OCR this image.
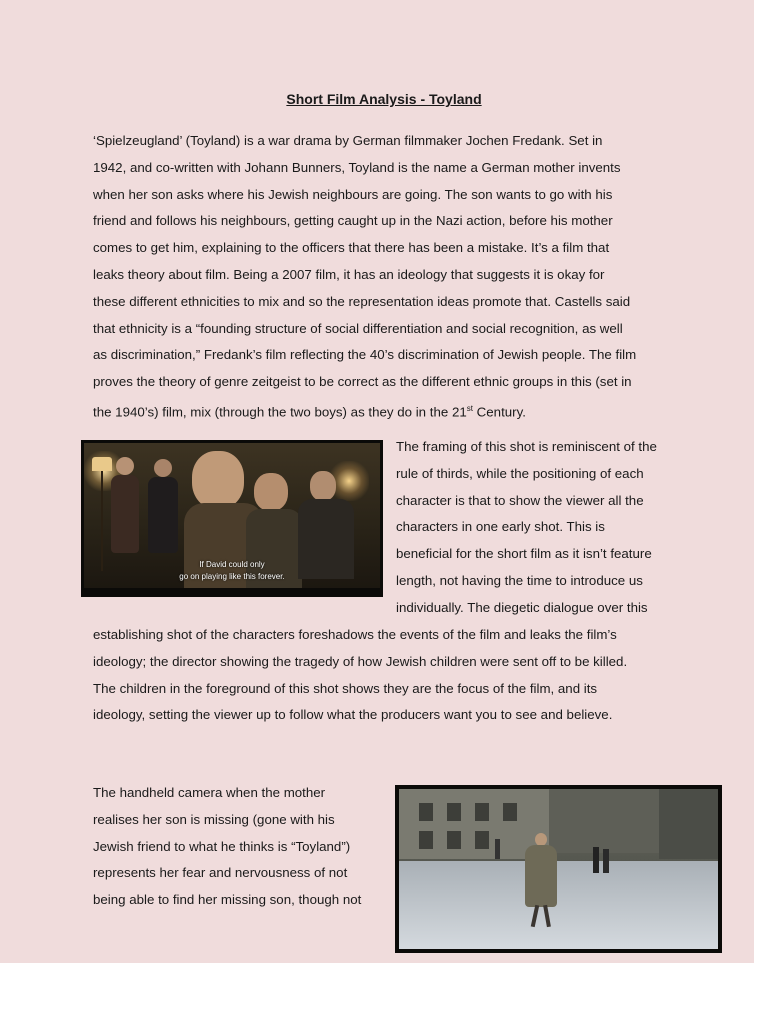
Short Film Analysis - Toyland
‘Spielzeugland’ (Toyland) is a war drama by German filmmaker Jochen Fredank. Set in
1942, and co-written with Johann Bunners, Toyland is the name a German mother invents
when her son asks where his Jewish neighbours are going. The son wants to go with his
friend and follows his neighbours, getting caught up in the Nazi action, before his mother
comes to get him, explaining to the officers that there has been a mistake. It’s a film that
leaks theory about film. Being a 2007 film, it has an ideology that suggests it is okay for
these different ethnicities to mix and so the representation ideas promote that. Castells said
that ethnicity is a “founding structure of social differentiation and social recognition, as well
as discrimination,” Fredank’s film reflecting the 40’s discrimination of Jewish people. The film
proves the theory of genre zeitgeist to be correct as the different ethnic groups in this (set in
the 1940’s) film, mix (through the two boys) as they do in the 21st Century.
If David could only
go on playing like this forever.
The framing of this shot is reminiscent of the
rule of thirds, while the positioning of each
character is that to show the viewer all the
characters in one early shot. This is
beneficial for the short film as it isn’t feature
length, not having the time to introduce us
individually. The diegetic dialogue over this
establishing shot of the characters foreshadows the events of the film and leaks the film’s
ideology; the director showing the tragedy of how Jewish children were sent off to be killed.
The children in the foreground of this shot shows they are the focus of the film, and its
ideology, setting the viewer up to follow what the producers want you to see and believe.
The handheld camera when the mother
realises her son is missing (gone with his
Jewish friend to what he thinks is “Toyland”)
represents her fear and nervousness of not
being able to find her missing son, though not
